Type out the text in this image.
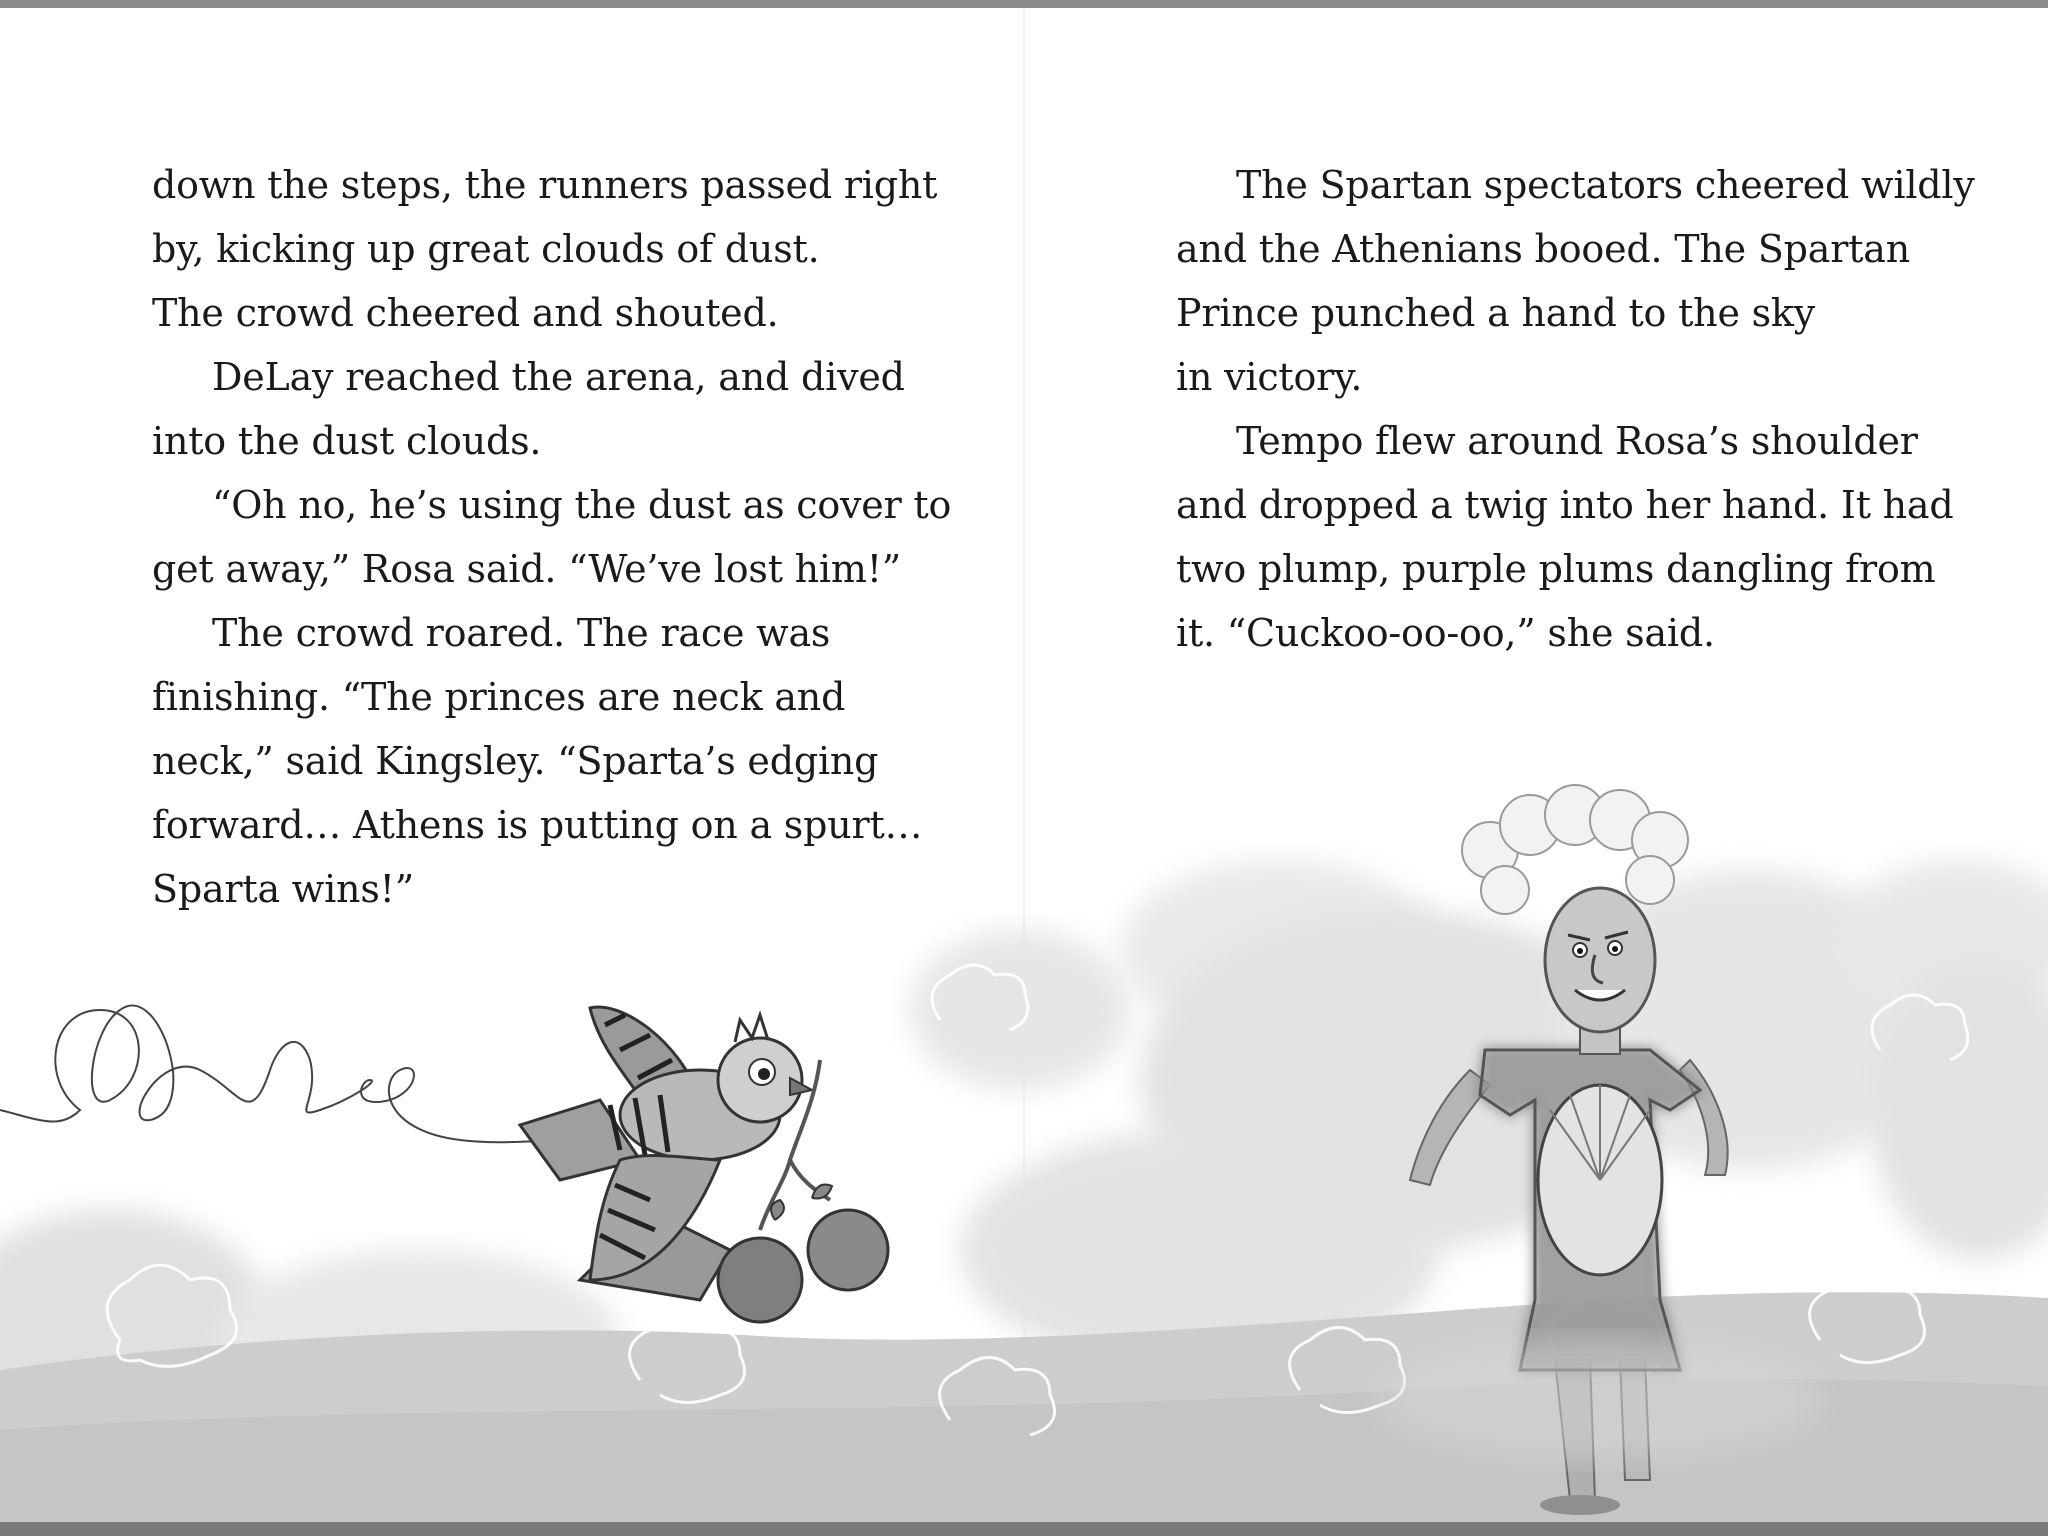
down the steps, the runners passed right
by, kicking up great clouds of dust.
The crowd cheered and shouted.
DeLay reached the arena, and dived
into the dust clouds.
“Oh no, he’s using the dust as cover to
get away,” Rosa said. “We’ve lost him!”
The crowd roared. The race was
finishing. “The princes are neck and
neck,” said Kingsley. “Sparta’s edging
forward… Athens is putting on a spurt…
Sparta wins!”
The Spartan spectators cheered wildly
and the Athenians booed. The Spartan
Prince punched a hand to the sky
in victory.
Tempo flew around Rosa’s shoulder
and dropped a twig into her hand. It had
two plump, purple plums dangling from
it. “Cuckoo-oo-oo,” she said.
